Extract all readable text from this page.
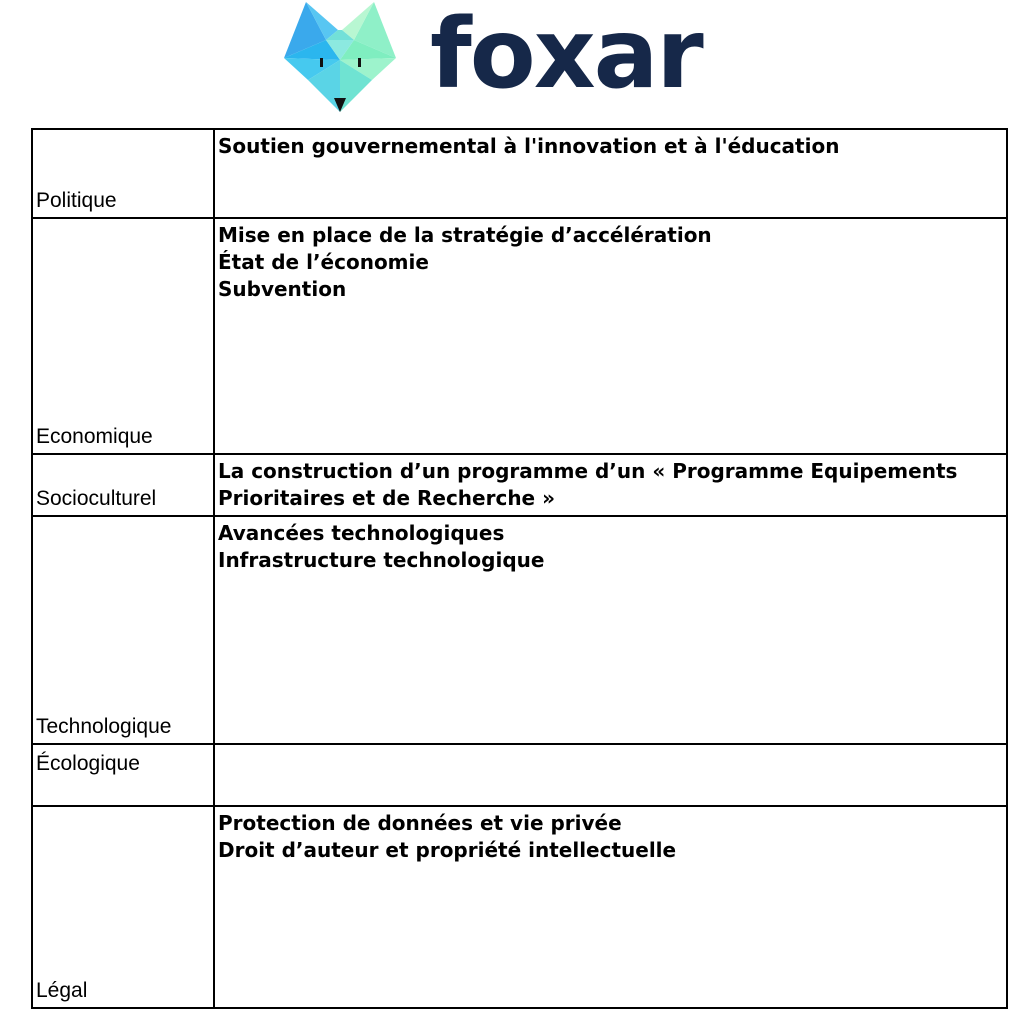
foxar
Politique	Soutien gouvernemental à l'innovation et à l'éducation

Economique	Mise en place de la stratégie d’accélération
État de l’économie
Subvention

Socioculturel	La construction d’un programme d’un « Programme Equipements Prioritaires et de Recherche »

Technologique	Avancées technologiques
Infrastructure technologique

Écologique	
Légal	Protection de données et vie privée
Droit d’auteur et propriété intellectuelle
